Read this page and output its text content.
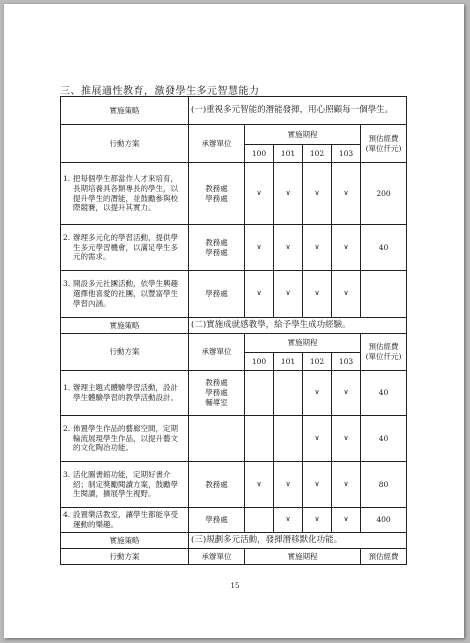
三、推展適性教育，激發學生多元智慧能力
實施策略	(一)重視多元智能的潛能發揮，用心照顧每一個學生。					
行動方案	承辦單位	實施期程				預估經費
(單位仟元)

		100	101	102	103	
1. 把每個學生都當作人才來培育，長期培養具各類專長的學生，以提升學生的潛能，並鼓勵參與校際競賽，以提升其實力。	教務處
學務處	∨	∨	∨	∨	200
2. 辦理多元化的學習活動，提供學生多元學習機會，以滿足學生多元的需求。	教務處
學務處	∨	∨	∨	∨	40
3. 開設多元社團活動，依學生興趣選擇他喜愛的社團，以豐富學生學習內涵。	學務處	∨	∨	∨	∨	
實施策略	(二)實施成就感教學，給予學生成功經驗。					
行動方案	承辦單位	實施期程				預估經費
(單位仟元)

		100	101	102	103	
1. 辦理主題式體驗學習活動，設計學生體驗學習的教學活動設計。	教務處
學務處
輔導室			∨	∨	40
2. 佈置學生作品的藝廊空間，定期輪流展現學生作品，以提升藝文的文化陶冶功能。				∨	∨	40
3. 活化圖書館功能，定期好書介紹；制定獎勵閱讀方案，鼓勵學生閱讀，擴展學生視野。	教務處	∨	∨	∨	∨	80
4. 設置樂活教室，讓學生都能享受運動的樂趣。	學務處		∨	∨	∨	400
實施策略	(三)規劃多元活動，發揮潛移默化功能。					
行動方案	承辦單位	實施期程				預估經費
15
